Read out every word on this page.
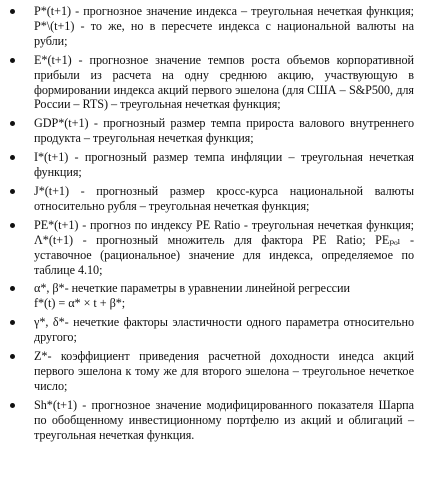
P*(t+1) - прогнозное значение индекса – треугольная нечеткая функция; P*\(t+1) - то же, но в пересчете индекса с национальной валюты на рубли;
E*(t+1) - прогнозное значение темпов роста объемов корпоративной прибыли из расчета на одну среднюю акцию, участвующую в формировании индекса акций первого эшелона (для США – S&P500, для России – RTS) – треугольная нечеткая функция;
GDP*(t+1) - прогнозный размер темпа прироста валового внутреннего продукта – треугольная нечеткая функция;
I*(t+1) - прогнозный размер темпа инфляции – треугольная нечеткая функция;
J*(t+1) - прогнозный размер кросс-курса национальной валюты относительно рубля – треугольная нечеткая функция;
PE*(t+1) - прогноз по индексу PE Ratio - треугольная нечеткая функция; Λ*(t+1) - прогнозный множитель для фактора PE Ratio; PEₚₒₗ - уставочное (рациональное) значение для индекса, определяемое по таблице 4.10;
α*, β*- нечеткие параметры в уравнении линейной регрессии
f*(t) = α* × t + β*;
γ*, δ*- нечеткие факторы эластичности одного параметра относительно другого;
Z*- коэффициент приведения расчетной доходности инедса акций первого эшелона к тому же для второго эшелона – треугольное нечеткое число;
Sh*(t+1) - прогнозное значение модифицированного показателя Шарпа по обобщенному инвестиционному портфелю из акций и облигаций – треугольная нечеткая функция.
